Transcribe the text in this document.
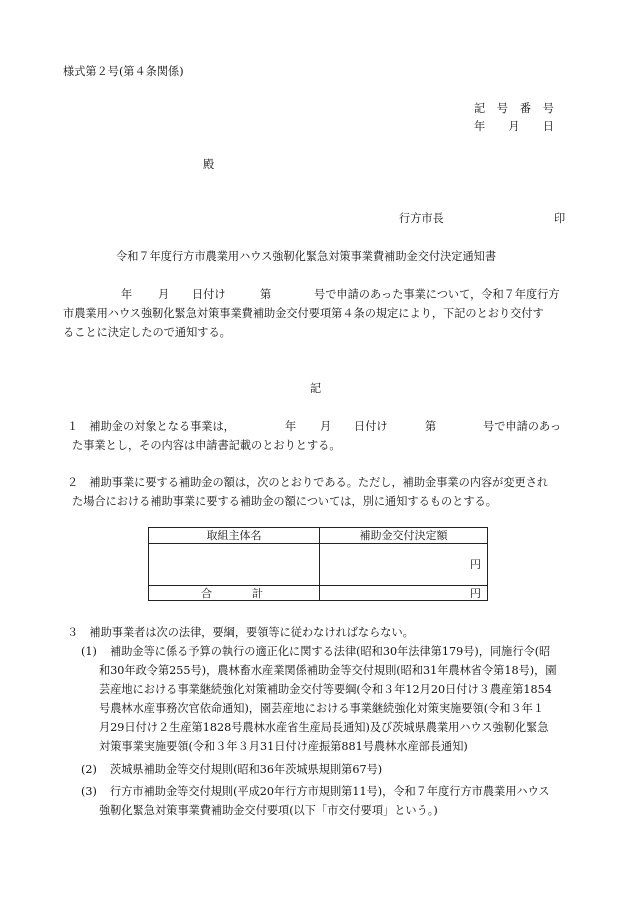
様式第２号(第４条関係)
記 号 番 号
年 月 日
殿
行方市長	印
令和７年度行方市農業用ハウス強靭化緊急対策事業費補助金交付決定通知書
年 月 日付け	第	号で申請のあった事業について，令和７年度行方
市農業用ハウス強靭化緊急対策事業費補助金交付要項第４条の規定により，下記のとおり交付す
ることに決定したので通知する。
記
１　補助金の対象となる事業は，	年 月 日付け	第	号で申請のあっ
た事業とし，その内容は申請書記載のとおりとする。
２　補助事業に要する補助金の額は，次のとおりである。ただし，補助金事業の内容が変更され
た場合における補助事業に要する補助金の額については，別に通知するものとする。
取組主体名	補助金交付決定額
	円

合 計	円
３　補助事業者は次の法律，要綱，要領等に従わなければならない。
(1) 補助金等に係る予算の執行の適正化に関する法律(昭和30年法律第179号)，同施行令(昭
和30年政令第255号)，農林畜水産業関係補助金等交付規則(昭和31年農林省令第18号)，園
芸産地における事業継続強化対策補助金交付等要綱(令和３年12月20日付け３農産第1854
号農林水産事務次官依命通知)，園芸産地における事業継続強化対策実施要領(令和３年１
月29日付け２生産第1828号農林水産省生産局長通知)及び茨城県農業用ハウス強靭化緊急
対策事業実施要領(令和３年３月31日付け産振第881号農林水産部長通知)
(2) 茨城県補助金等交付規則(昭和36年茨城県規則第67号)
(3) 行方市補助金等交付規則(平成20年行方市規則第11号)，令和７年度行方市農業用ハウス
強靭化緊急対策事業費補助金交付要項(以下「市交付要項」という。)
